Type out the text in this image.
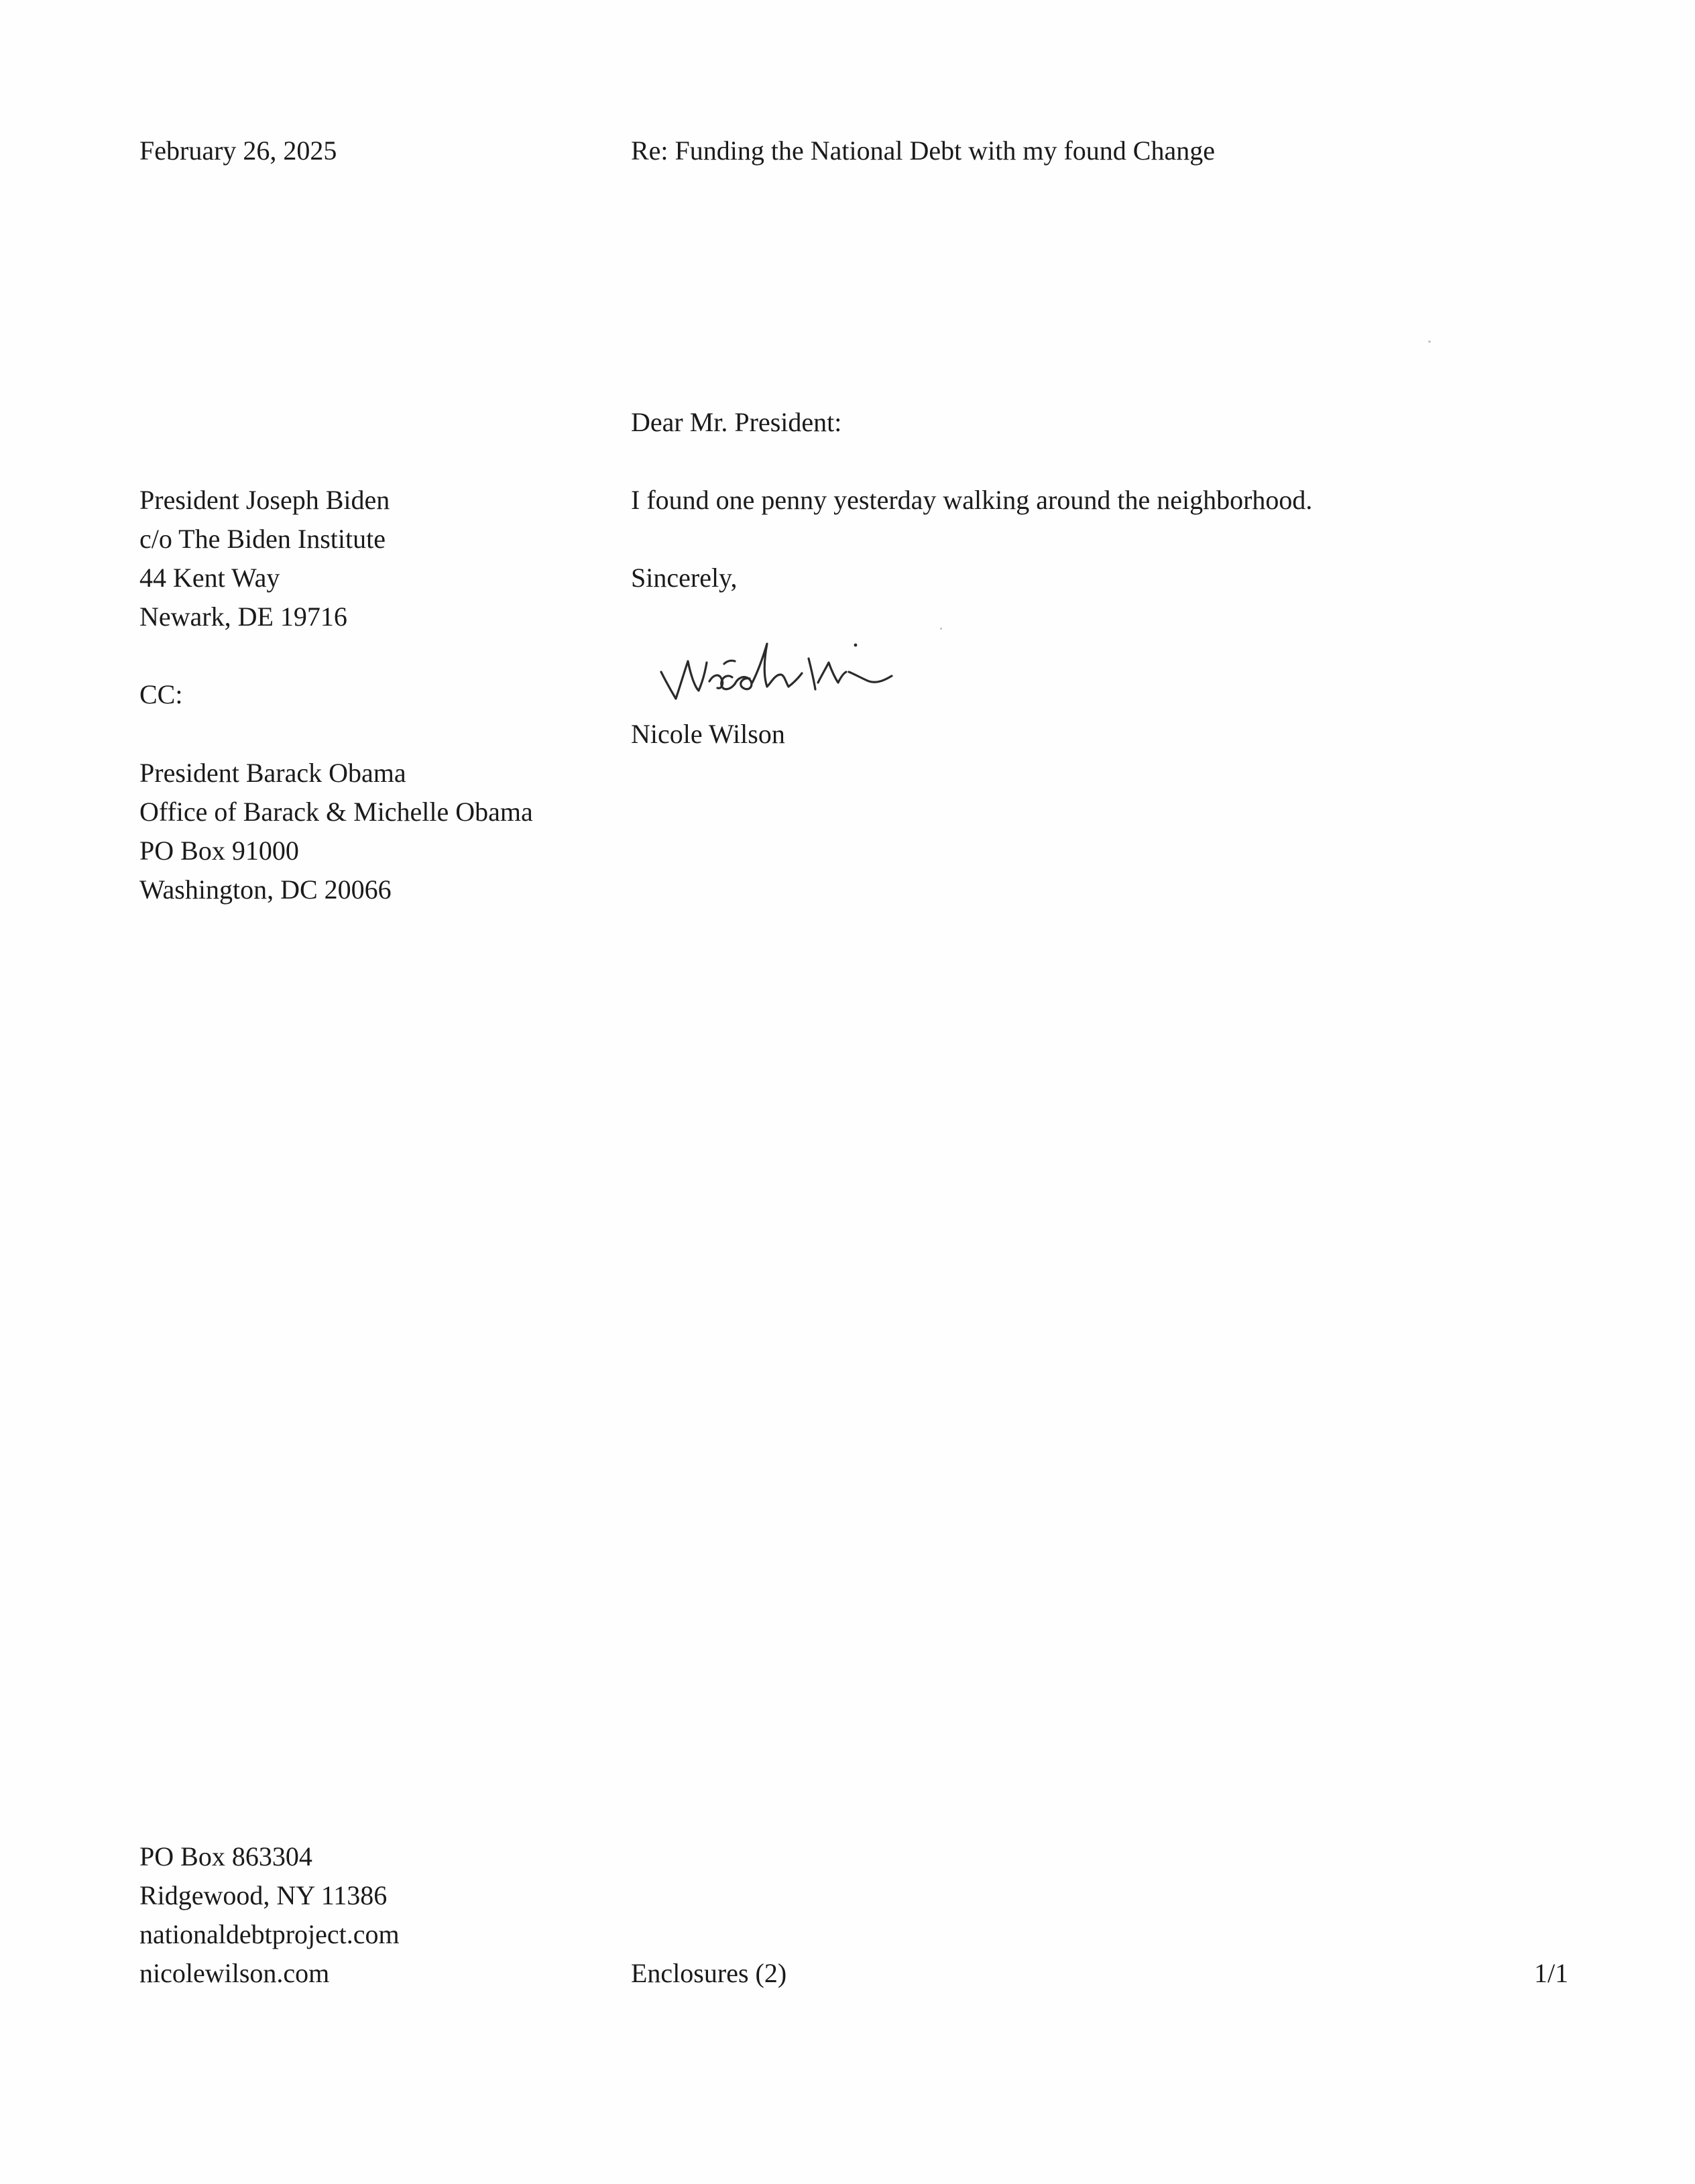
February 26, 2025	Re: Funding the National Debt with my found Change
Dear Mr. President:
I found one penny yesterday walking around the neighborhood.
Sincerely,
Nicole Wilson
President Joseph Biden
c/o The Biden Institute
44 Kent Way
Newark, DE 19716
CC:
President Barack Obama
Office of Barack & Michelle Obama
PO Box 91000
Washington, DC 20066
PO Box 863304
Ridgewood, NY 11386
nationaldebtproject.com
nicolewilson.com	Enclosures (2)	1/1
